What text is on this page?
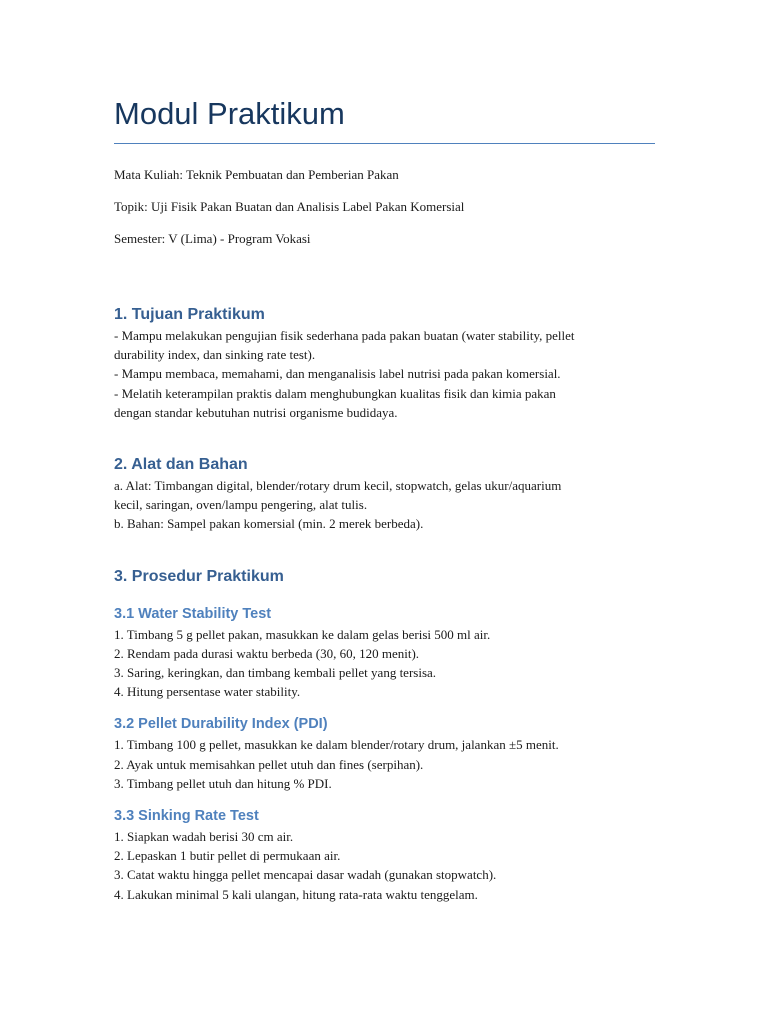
Modul Praktikum

Mata Kuliah: Teknik Pembuatan dan Pemberian Pakan

Topik: Uji Fisik Pakan Buatan dan Analisis Label Pakan Komersial

Semester: V (Lima) - Program Vokasi

1. Tujuan Praktikum
- Mampu melakukan pengujian fisik sederhana pada pakan buatan (water stability, pellet
durability index, dan sinking rate test).
- Mampu membaca, memahami, dan menganalisis label nutrisi pada pakan komersial.
- Melatih keterampilan praktis dalam menghubungkan kualitas fisik dan kimia pakan
dengan standar kebutuhan nutrisi organisme budidaya.
2. Alat dan Bahan
a. Alat: Timbangan digital, blender/rotary drum kecil, stopwatch, gelas ukur/aquarium
kecil, saringan, oven/lampu pengering, alat tulis.
b. Bahan: Sampel pakan komersial (min. 2 merek berbeda).
3. Prosedur Praktikum
3.1 Water Stability Test
1. Timbang 5 g pellet pakan, masukkan ke dalam gelas berisi 500 ml air.
2. Rendam pada durasi waktu berbeda (30, 60, 120 menit).
3. Saring, keringkan, dan timbang kembali pellet yang tersisa.
4. Hitung persentase water stability.
3.2 Pellet Durability Index (PDI)
1. Timbang 100 g pellet, masukkan ke dalam blender/rotary drum, jalankan ±5 menit.
2. Ayak untuk memisahkan pellet utuh dan fines (serpihan).
3. Timbang pellet utuh dan hitung % PDI.
3.3 Sinking Rate Test
1. Siapkan wadah berisi 30 cm air.
2. Lepaskan 1 butir pellet di permukaan air.
3. Catat waktu hingga pellet mencapai dasar wadah (gunakan stopwatch).
4. Lakukan minimal 5 kali ulangan, hitung rata-rata waktu tenggelam.
